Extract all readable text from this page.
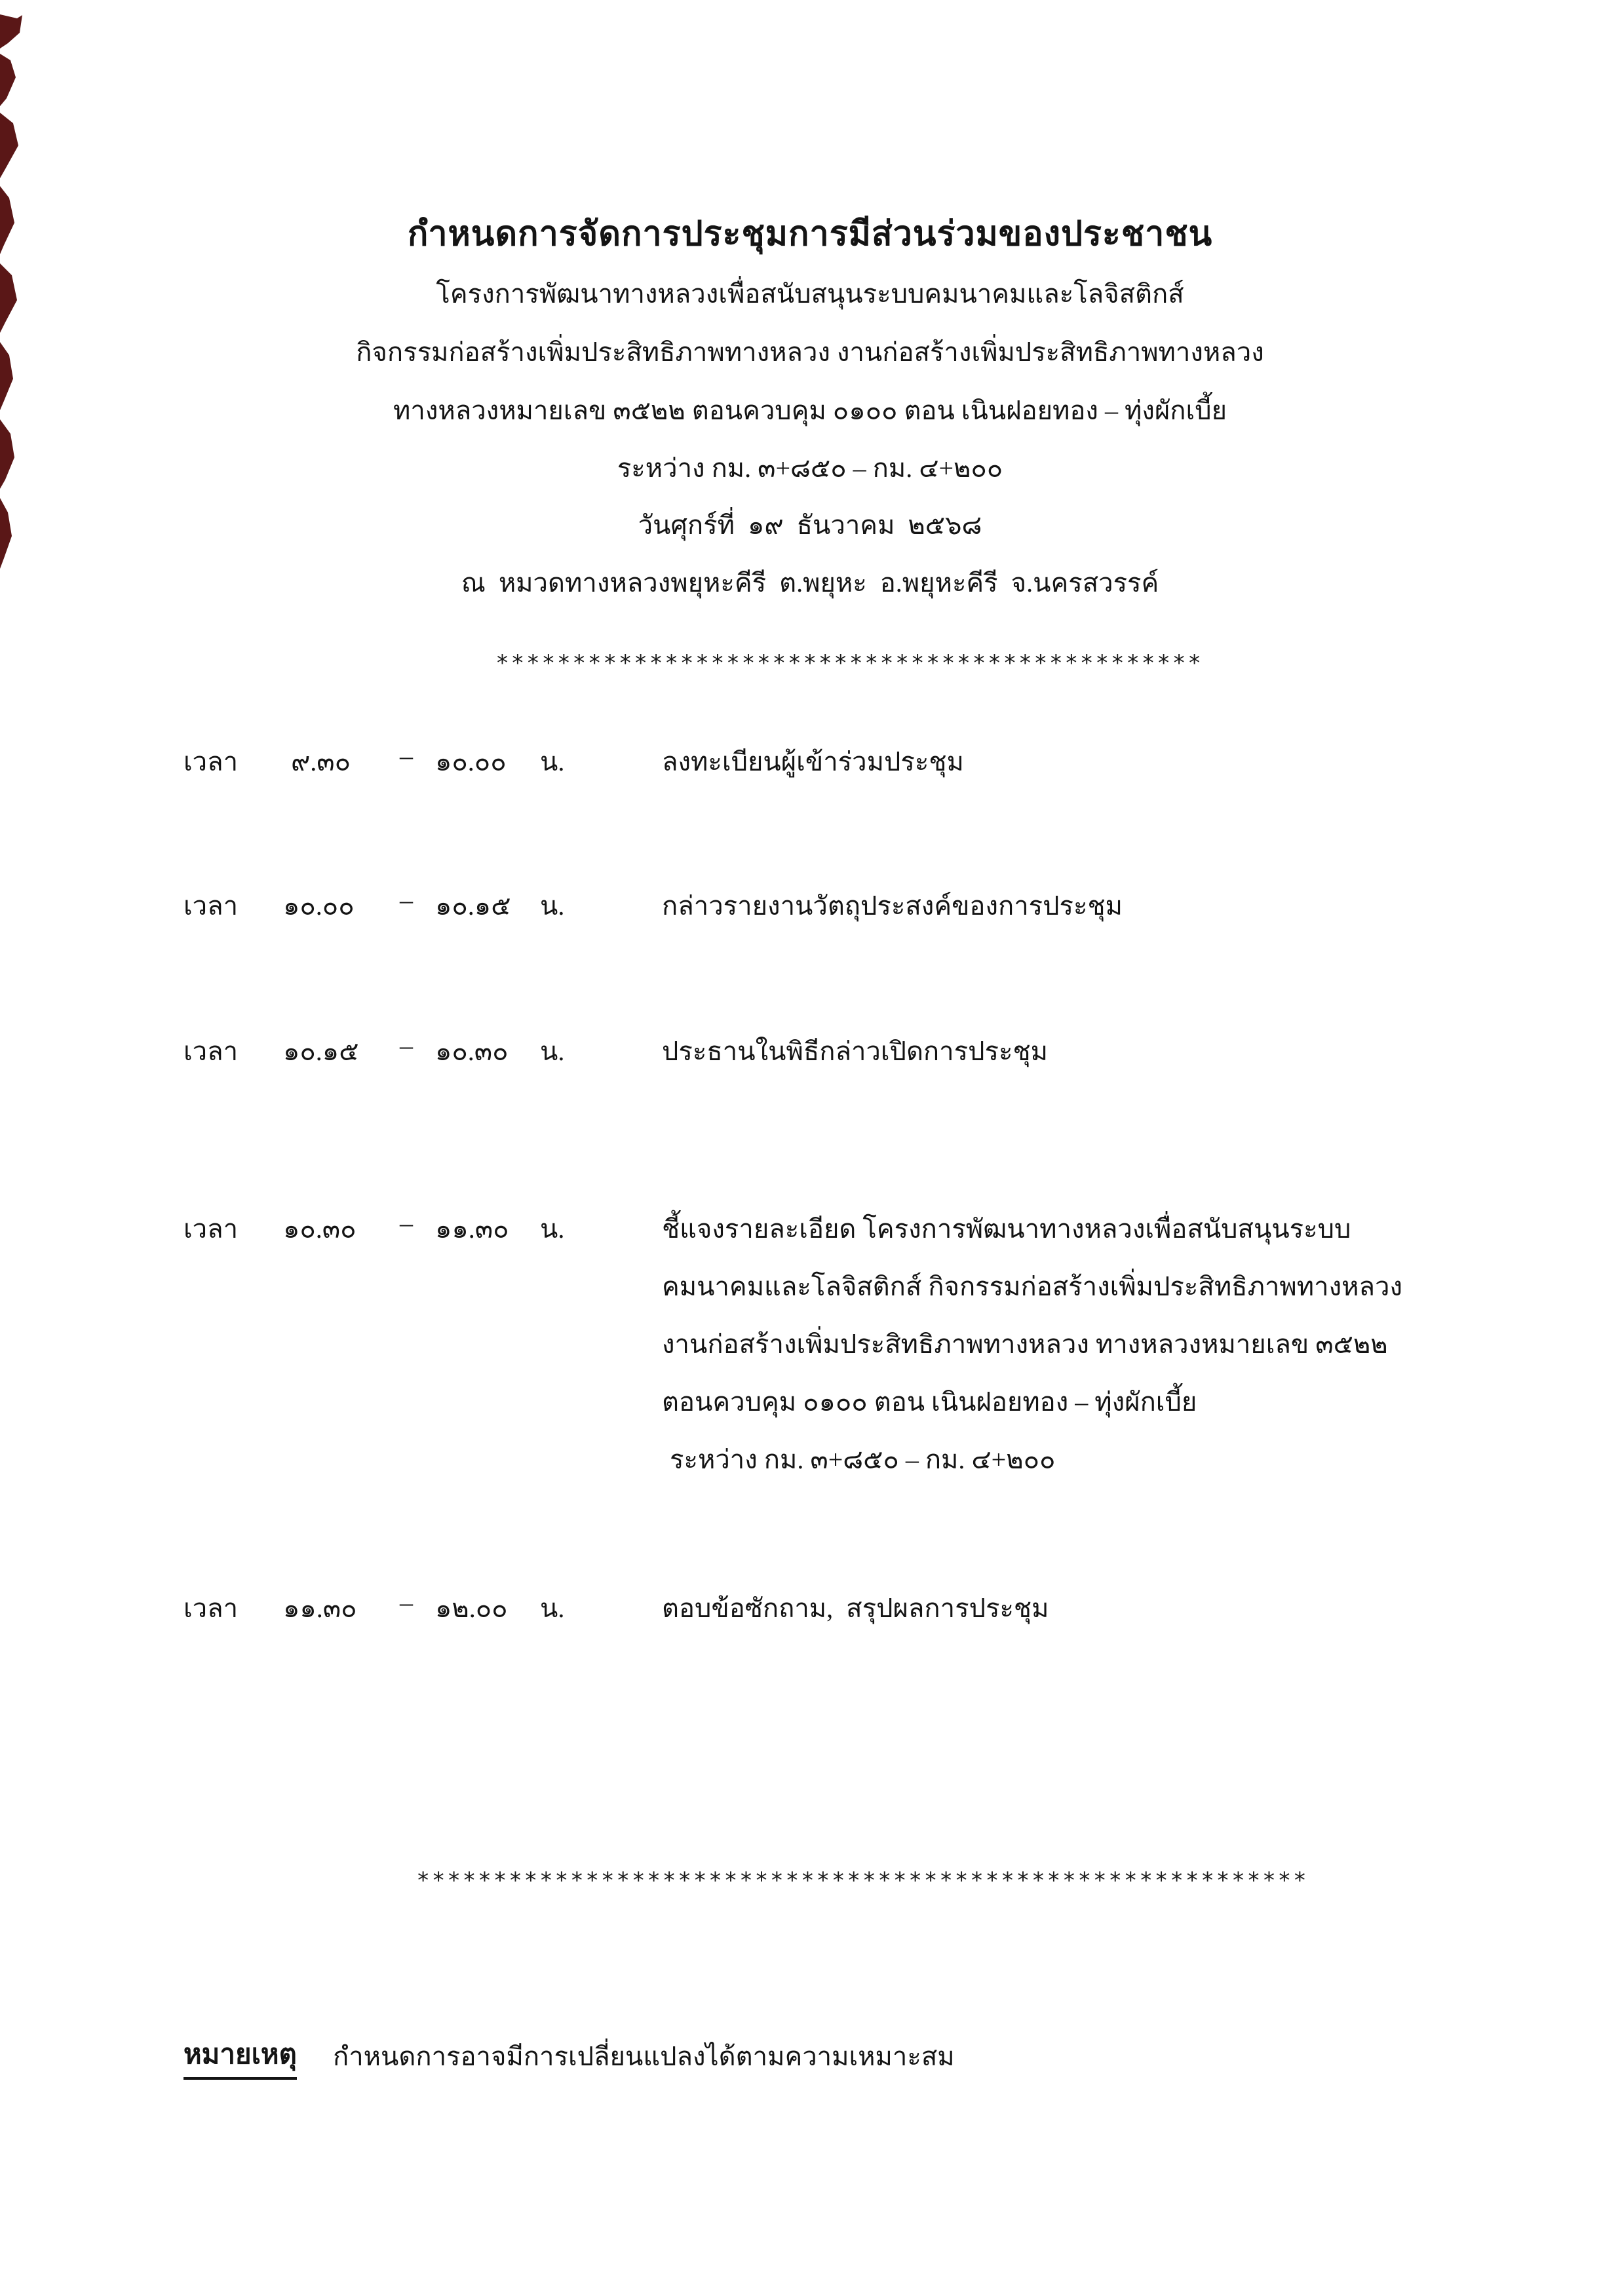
กำหนดการจัดการประชุมการมีส่วนร่วมของประชาชน
โครงการพัฒนาทางหลวงเพื่อสนับสนุนระบบคมนาคมและโลจิสติกส์
กิจกรรมก่อสร้างเพิ่มประสิทธิภาพทางหลวง งานก่อสร้างเพิ่มประสิทธิภาพทางหลวง
ทางหลวงหมายเลข ๓๕๒๒ ตอนควบคุม ๐๑๐๐ ตอน เนินฝอยทอง – ทุ่งผักเบี้ย
ระหว่าง กม. ๓+๘๕๐ – กม. ๔+๒๐๐
วันศุกร์ที่  ๑๙  ธันวาคม  ๒๕๖๘
ณ  หมวดทางหลวงพยุหะคีรี  ต.พยุหะ  อ.พยุหะคีรี  จ.นครสวรรค์
**********************************************
เวลา ๙.๓๐ – ๑๐.๐๐ น.	ลงทะเบียนผู้เข้าร่วมประชุม
เวลา ๑๐.๐๐ – ๑๐.๑๕ น.	กล่าวรายงานวัตถุประสงค์ของการประชุม
เวลา ๑๐.๑๕ – ๑๐.๓๐ น.	ประธานในพิธีกล่าวเปิดการประชุม
เวลา ๑๐.๓๐ – ๑๑.๓๐ น.	ชี้แจงรายละเอียด โครงการพัฒนาทางหลวงเพื่อสนับสนุนระบบ
คมนาคมและโลจิสติกส์ กิจกรรมก่อสร้างเพิ่มประสิทธิภาพทางหลวง
งานก่อสร้างเพิ่มประสิทธิภาพทางหลวง ทางหลวงหมายเลข ๓๕๒๒
ตอนควบคุม ๐๑๐๐ ตอน เนินฝอยทอง – ทุ่งผักเบี้ย
ระหว่าง กม. ๓+๘๕๐ – กม. ๔+๒๐๐
เวลา ๑๑.๓๐ – ๑๒.๐๐ น.	ตอบข้อซักถาม,  สรุปผลการประชุม
**********************************************************
หมายเหตุ กำหนดการอาจมีการเปลี่ยนแปลงได้ตามความเหมาะสม
